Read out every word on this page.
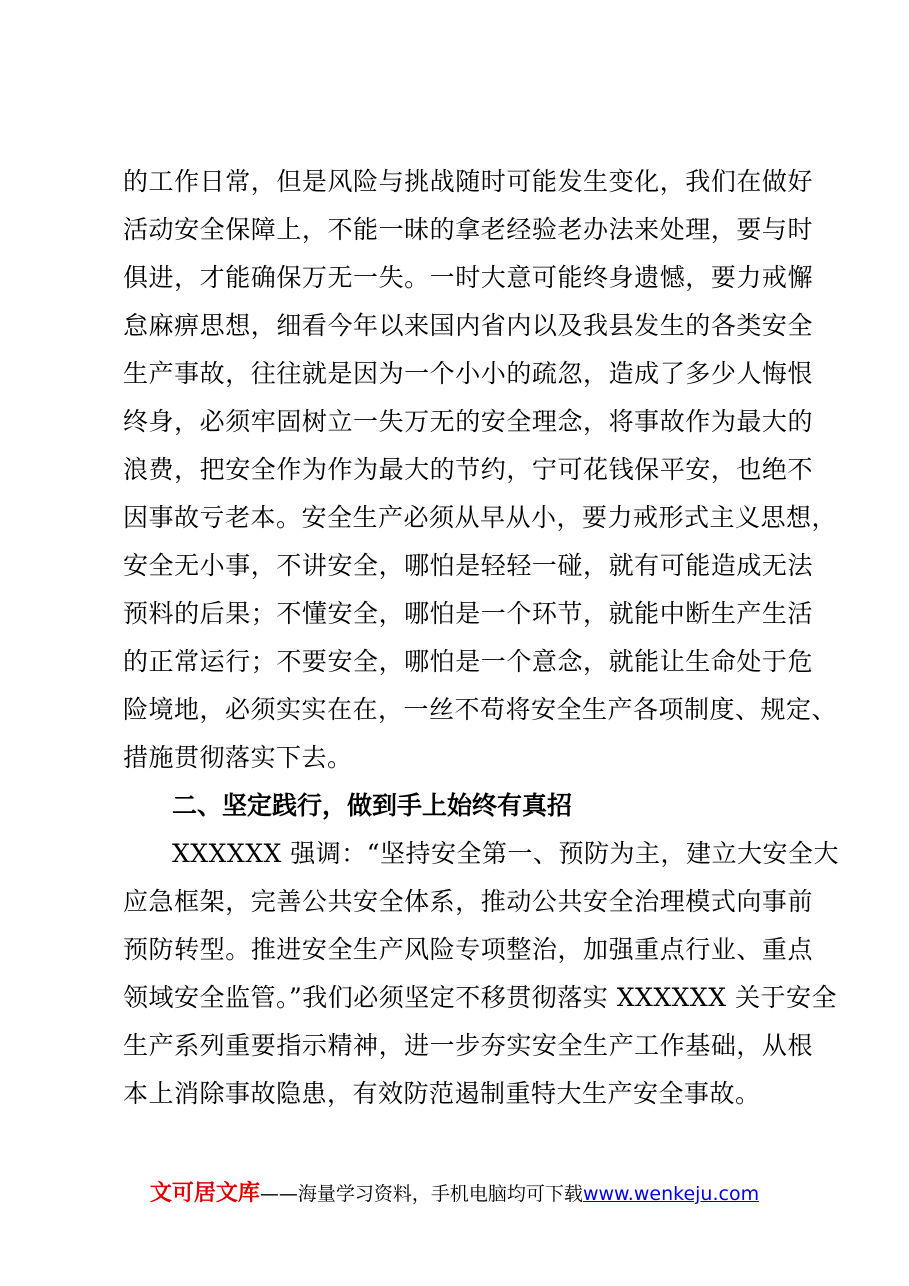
的工作日常，但是风险与挑战随时可能发生变化，我们在做好
活动安全保障上，不能一昧的拿老经验老办法来处理，要与时
俱进，才能确保万无一失。一时大意可能终身遗憾，要力戒懈
怠麻痹思想，细看今年以来国内省内以及我县发生的各类安全
生产事故，往往就是因为一个小小的疏忽，造成了多少人悔恨
终身，必须牢固树立一失万无的安全理念，将事故作为最大的
浪费，把安全作为作为最大的节约，宁可花钱保平安，也绝不
因事故亏老本。安全生产必须从早从小，要力戒形式主义思想，
安全无小事，不讲安全，哪怕是轻轻一碰，就有可能造成无法
预料的后果；不懂安全，哪怕是一个环节，就能中断生产生活
的正常运行；不要安全，哪怕是一个意念，就能让生命处于危
险境地，必须实实在在，一丝不苟将安全生产各项制度、规定、
措施贯彻落实下去。
二、坚定践行，做到手上始终有真招
XXXXXX 强调：“坚持安全第一、预防为主，建立大安全大
应急框架，完善公共安全体系，推动公共安全治理模式向事前
预防转型。推进安全生产风险专项整治，加强重点行业、重点
领域安全监管。”我们必须坚定不移贯彻落实 XXXXXX 关于安全
生产系列重要指示精神，进一步夯实安全生产工作基础，从根
本上消除事故隐患，有效防范遏制重特大生产安全事故。
文可居文库——海量学习资料，手机电脑均可下载www.wenkeju.com
